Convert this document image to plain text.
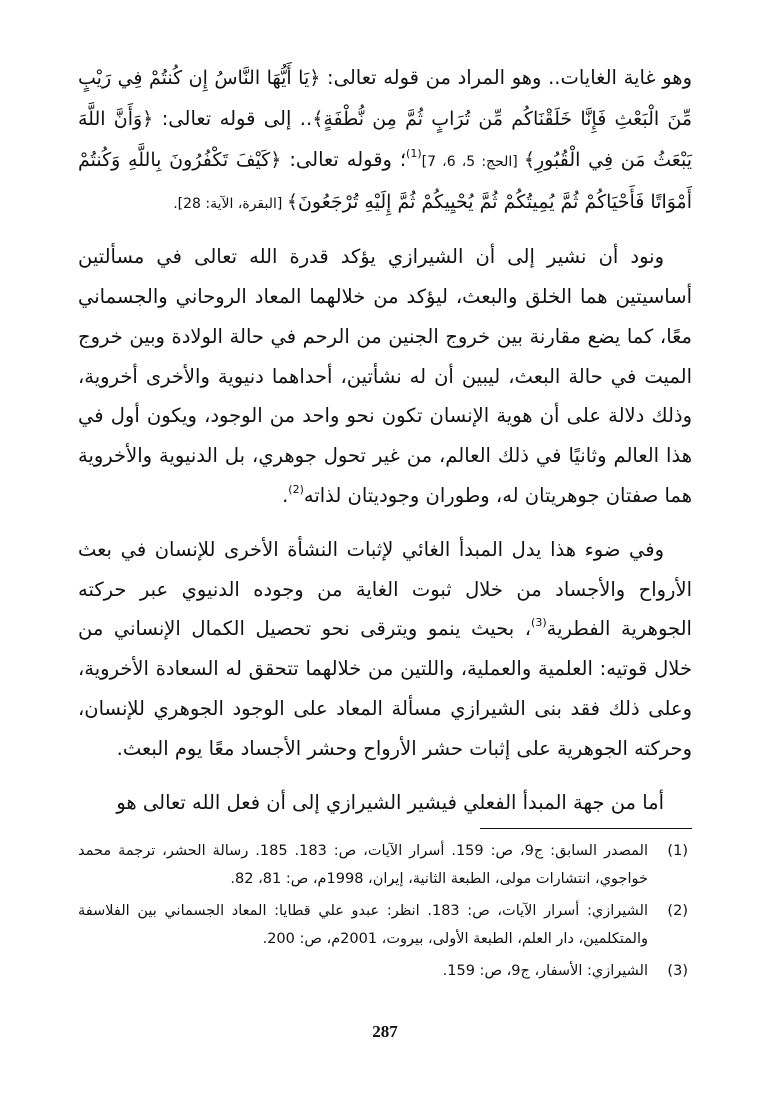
وهو غاية الغايات.. وهو المراد من قوله تعالى: ﴿يَا أَيُّهَا النَّاسُ إِن كُنتُمْ فِي رَيْبٍ مِّنَ الْبَعْثِ فَإِنَّا خَلَقْنَاكُم مِّن تُرَابٍ ثُمَّ مِن نُّطْفَةٍ﴾.. إلى قوله تعالى: ﴿وَأَنَّ اللَّهَ يَبْعَثُ مَن فِي الْقُبُورِ﴾ [الحج: 5، 6، 7]$^{(1)}$؛ وقوله تعالى: ﴿كَيْفَ تَكْفُرُونَ بِاللَّهِ وَكُنتُمْ أَمْوَاتًا فَأَحْيَاكُمْ ثُمَّ يُمِيتُكُمْ ثُمَّ يُحْيِيكُمْ ثُمَّ إِلَيْهِ تُرْجَعُونَ﴾ [البقرة، الآية: 28].

ونود أن نشير إلى أن الشيرازي يؤكد قدرة الله تعالى في مسألتين أساسيتين هما الخلق والبعث، ليؤكد من خلالهما المعاد الروحاني والجسماني معًا، كما يضع مقارنة بين خروج الجنين من الرحم في حالة الولادة وبين خروج الميت في حالة البعث، ليبين أن له نشأتين، أحداهما دنيوية والأخرى أخروية، وذلك دلالة على أن هوية الإنسان تكون نحو واحد من الوجود، ويكون أول في هذا العالم وثانيًا في ذلك العالم، من غير تحول جوهري، بل الدنيوية والأخروية هما صفتان جوهريتان له، وطوران وجوديتان لذاته$^{(2)}$.

وفي ضوء هذا يدل المبدأ الغائي لإثبات النشأة الأخرى للإنسان في بعث الأرواح والأجساد من خلال ثبوت الغاية من وجوده الدنيوي عبر حركته الجوهرية الفطرية$^{(3)}$، بحيث ينمو ويترقى نحو تحصيل الكمال الإنساني من خلال قوتيه: العلمية والعملية، واللتين من خلالهما تتحقق له السعادة الأخروية، وعلى ذلك فقد بنى الشيرازي مسألة المعاد على الوجود الجوهري للإنسان، وحركته الجوهرية على إثبات حشر الأرواح وحشر الأجساد معًا يوم البعث.

أما من جهة المبدأ الفعلي فيشير الشيرازي إلى أن فعل الله تعالى هو

(1)
المصدر السابق: ج9، ص: 159. أسرار الآيات، ص: 183. 185. رسالة الحشر، ترجمة محمد خواجوي، انتشارات مولى، الطبعة الثانية، إيران، 1998م، ص: 81، 82.
(2)
الشيرازي: أسرار الآيات، ص: 183. انظر: عبدو علي قطايا: المعاد الجسماني بين الفلاسفة والمتكلمين، دار العلم، الطبعة الأولى، بيروت، 2001م، ص: 200.
(3)
الشيرازي: الأسفار، ج9، ص: 159.
287
